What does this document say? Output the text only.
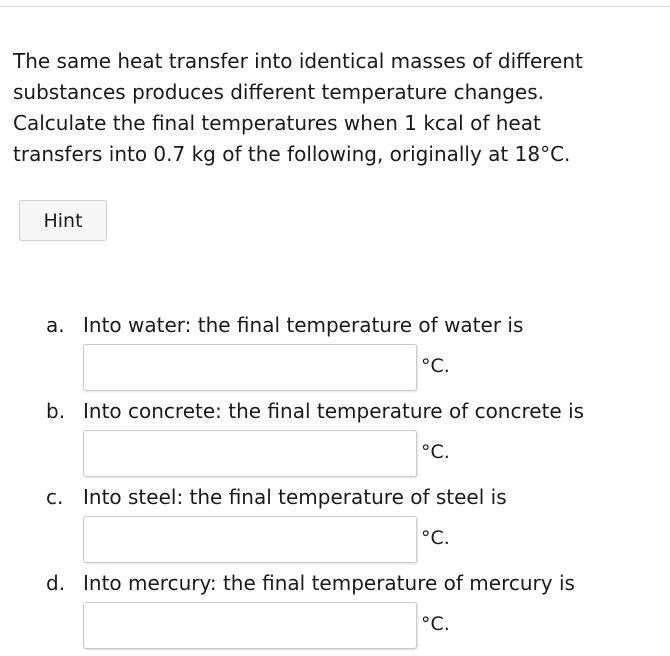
The same heat transfer into identical masses of different
substances produces different temperature changes.
Calculate the final temperatures when 1 kcal of heat
transfers into 0.7 kg of the following, originally at 18°C.

Hint
a. Into water: the final temperature of water is
°C.
b. Into concrete: the final temperature of concrete is
°C.
c. Into steel: the final temperature of steel is
°C.
d. Into mercury: the final temperature of mercury is
°C.
